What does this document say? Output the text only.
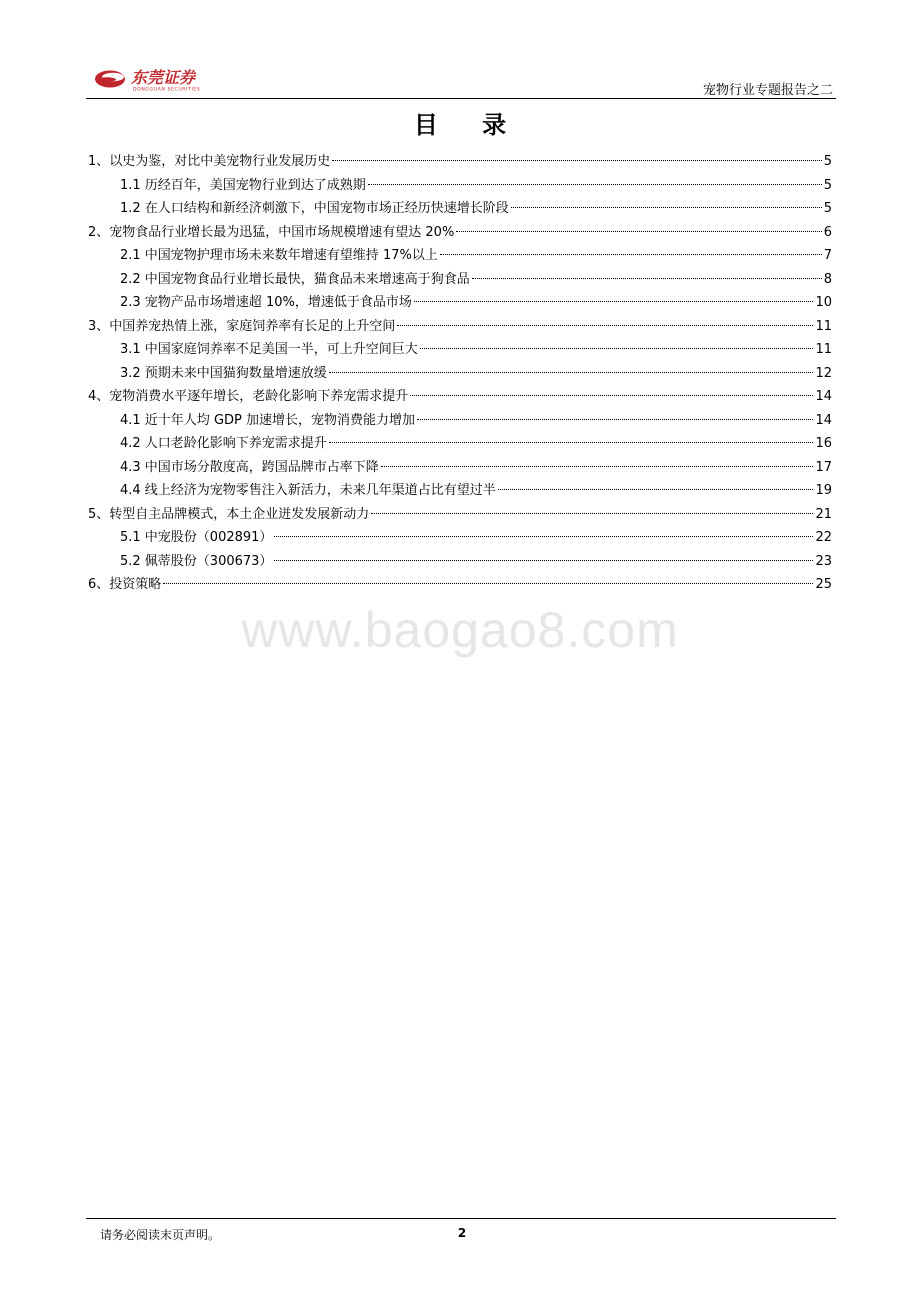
东莞证券
DONGGUAN SECURITIES	宠物行业专题报告之二
目 录
1、以史为鉴，对比中美宠物行业发展历史	5
1.1 历经百年，美国宠物行业到达了成熟期	5
1.2 在人口结构和新经济刺激下，中国宠物市场正经历快速增长阶段	5
2、宠物食品行业增长最为迅猛，中国市场规模增速有望达 20%	6
2.1 中国宠物护理市场未来数年增速有望维持 17%以上	7
2.2 中国宠物食品行业增长最快，猫食品未来增速高于狗食品	8
2.3 宠物产品市场增速超 10%，增速低于食品市场	10
3、中国养宠热情上涨，家庭饲养率有长足的上升空间	11
3.1 中国家庭饲养率不足美国一半，可上升空间巨大	11
3.2 预期未来中国猫狗数量增速放缓	12
4、宠物消费水平逐年增长，老龄化影响下养宠需求提升	14
4.1 近十年人均 GDP 加速增长，宠物消费能力增加	14
4.2 人口老龄化影响下养宠需求提升	16
4.3 中国市场分散度高，跨国品牌市占率下降	17
4.4 线上经济为宠物零售注入新活力，未来几年渠道占比有望过半	19
5、转型自主品牌模式，本土企业迸发发展新动力	21
5.1 中宠股份（002891）	22
5.2 佩蒂股份（300673）	23
6、投资策略	25
www.baogao8.com
请务必阅读末页声明。	2
